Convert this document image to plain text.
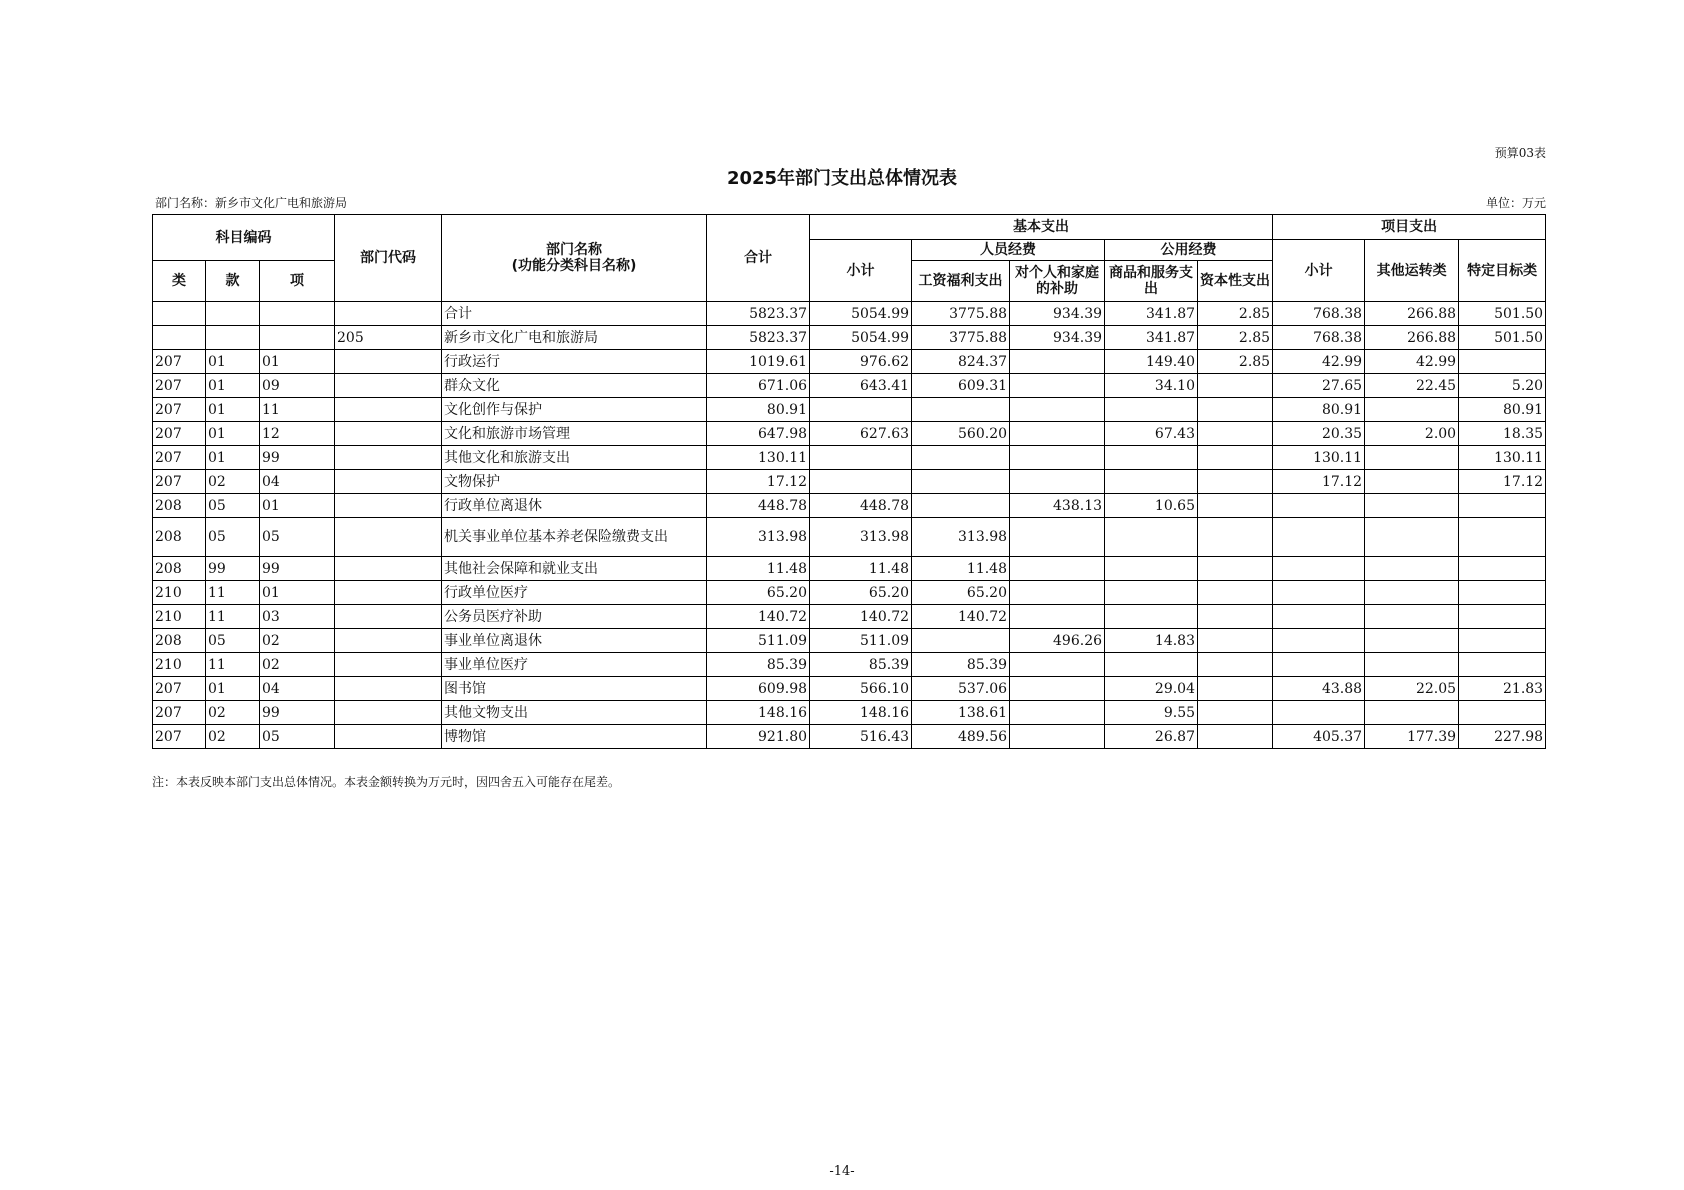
预算03表
2025年部门支出总体情况表
部门名称：新乡市文化广电和旅游局	单位：万元
科目编码			部门代码	部门名称
(功能分类科目名称)	合计	基本支出					项目支出		
						小计	人员经费		公用经费		小计	其他运转类	特定目标类
类	款	项					工资福利支出	对个人和家庭的补助	商品和服务支出	资本性支出			
				合计	5823.37	5054.99	3775.88	934.39	341.87	2.85	768.38	266.88	501.50
			205	新乡市文化广电和旅游局	5823.37	5054.99	3775.88	934.39	341.87	2.85	768.38	266.88	501.50
207	01	01		行政运行	1019.61	976.62	824.37		149.40	2.85	42.99	42.99	
207	01	09		群众文化	671.06	643.41	609.31		34.10		27.65	22.45	5.20
207	01	11		文化创作与保护	80.91						80.91		80.91
207	01	12		文化和旅游市场管理	647.98	627.63	560.20		67.43		20.35	2.00	18.35
207	01	99		其他文化和旅游支出	130.11						130.11		130.11
207	02	04		文物保护	17.12						17.12		17.12
208	05	01		行政单位离退休	448.78	448.78		438.13	10.65				
208	05	05		机关事业单位基本养老保险缴费支出	313.98	313.98	313.98						
208	99	99		其他社会保障和就业支出	11.48	11.48	11.48						
210	11	01		行政单位医疗	65.20	65.20	65.20						
210	11	03		公务员医疗补助	140.72	140.72	140.72						
208	05	02		事业单位离退休	511.09	511.09		496.26	14.83				
210	11	02		事业单位医疗	85.39	85.39	85.39						
207	01	04		图书馆	609.98	566.10	537.06		29.04		43.88	22.05	21.83
207	02	99		其他文物支出	148.16	148.16	138.61		9.55				
207	02	05		博物馆	921.80	516.43	489.56		26.87		405.37	177.39	227.98
注：本表反映本部门支出总体情况。本表金额转换为万元时，因四舍五入可能存在尾差。
-14-
